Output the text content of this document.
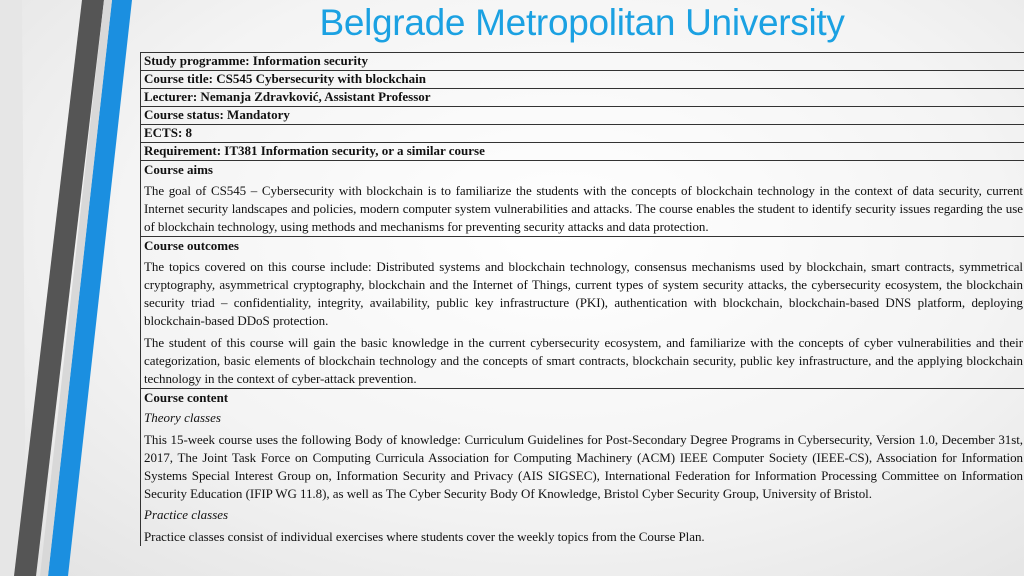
Belgrade Metropolitan University
Study programme: Information security
Course title: CS545 Cybersecurity with blockchain
Lecturer: Nemanja Zdravković, Assistant Professor
Course status: Mandatory
ECTS: 8
Requirement: IT381 Information security, or a similar course
Course aims

The goal of CS545 – Cybersecurity with blockchain is to familiarize the students with the concepts of blockchain technology in the context of data security, current Internet security landscapes and policies, modern computer system vulnerabilities and attacks. The course enables the student to identify security issues regarding the use of blockchain technology, using methods and mechanisms for preventing security attacks and data protection.

Course outcomes

The topics covered on this course include: Distributed systems and blockchain technology, consensus mechanisms used by blockchain, smart contracts, symmetrical cryptography, asymmetrical cryptography, blockchain and the Internet of Things, current types of system security attacks, the cybersecurity ecosystem, the blockchain security triad – confidentiality, integrity, availability, public key infrastructure (PKI), authentication with blockchain, blockchain-based DNS platform, deploying blockchain-based DDoS protection.

The student of this course will gain the basic knowledge in the current cybersecurity ecosystem, and familiarize with the concepts of cyber vulnerabilities and their categorization, basic elements of blockchain technology and the concepts of smart contracts, blockchain security, public key infrastructure, and the applying blockchain technology in the context of cyber-attack prevention.

Course content
Theory classes

This 15-week course uses the following Body of knowledge: Curriculum Guidelines for Post-Secondary Degree Programs in Cybersecurity, Version 1.0, December 31st, 2017, The Joint Task Force on Computing Curricula Association for Computing Machinery (ACM) IEEE Computer Society (IEEE-CS), Association for Information Systems Special Interest Group on, Information Security and Privacy (AIS SIGSEC), International Federation for Information Processing Committee on Information Security Education (IFIP WG 11.8), as well as The Cyber Security Body Of Knowledge, Bristol Cyber Security Group, University of Bristol.

Practice classes

Practice classes consist of individual exercises where students cover the weekly topics from the Course Plan.
